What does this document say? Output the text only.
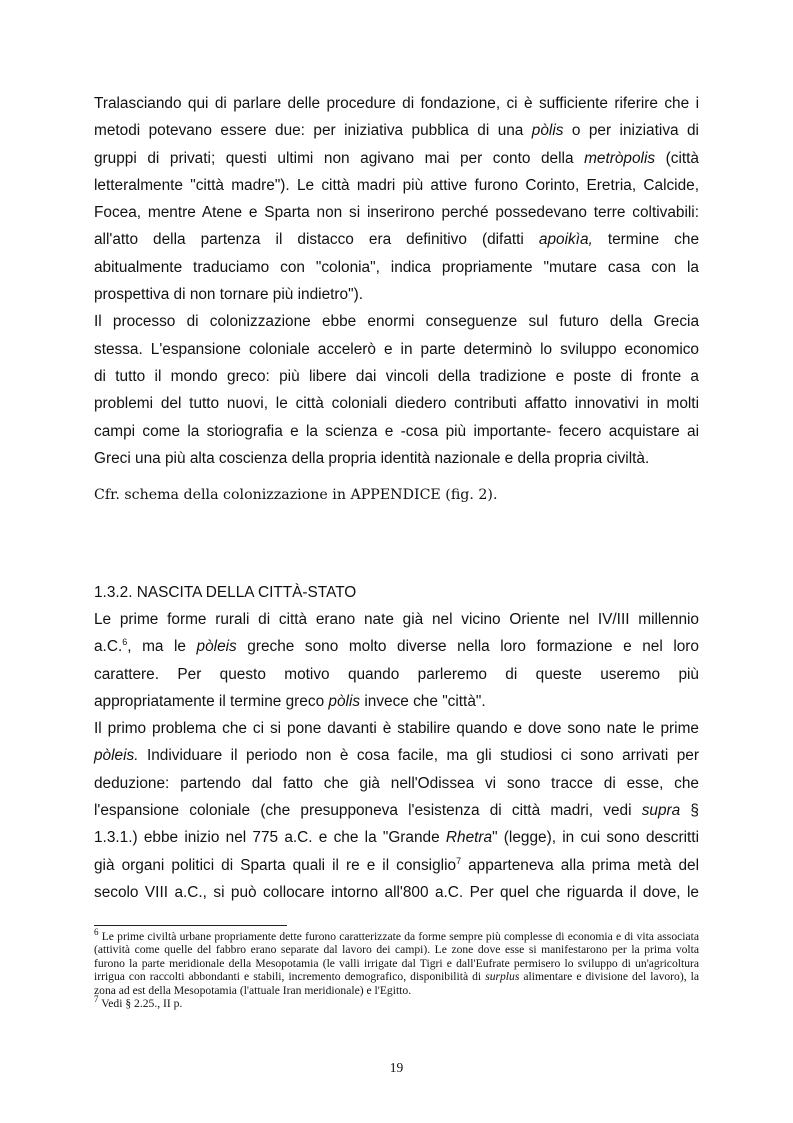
Tralasciando qui di parlare delle procedure di fondazione, ci è sufficiente riferire che i
metodi potevano essere due: per iniziativa pubblica di una pòlis o per iniziativa di
gruppi di privati; questi ultimi non agivano mai per conto della metròpolis (città
letteralmente "città madre"). Le città madri più attive furono Corinto, Eretria, Calcide,
Focea, mentre Atene e Sparta non si inserirono perché possedevano terre coltivabili:
all'atto della partenza il distacco era definitivo (difatti apoikìa, termine che
abitualmente traduciamo con "colonia", indica propriamente "mutare casa con la
prospettiva di non tornare più indietro").

Il processo di colonizzazione ebbe enormi conseguenze sul futuro della Grecia
stessa. L'espansione coloniale accelerò e in parte determinò lo sviluppo economico
di tutto il mondo greco: più libere dai vincoli della tradizione e poste di fronte a
problemi del tutto nuovi, le città coloniali diedero contributi affatto innovativi in molti
campi come la storiografia e la scienza e -cosa più importante- fecero acquistare ai
Greci una più alta coscienza della propria identità nazionale e della propria civiltà.

Cfr. schema della colonizzazione in APPENDICE (fig. 2).
1.3.2. NASCITA DELLA CITTÀ-STATO

Le prime forme rurali di città erano nate già nel vicino Oriente nel IV/III millennio
a.C.$^6$, ma le pòleis greche sono molto diverse nella loro formazione e nel loro
carattere. Per questo motivo quando parleremo di queste useremo più
appropriatamente il termine greco pòlis invece che "città".

Il primo problema che ci si pone davanti è stabilire quando e dove sono nate le prime
pòleis. Individuare il periodo non è cosa facile, ma gli studiosi ci sono arrivati per
deduzione: partendo dal fatto che già nell'Odissea vi sono tracce di esse, che
l'espansione coloniale (che presupponeva l'esistenza di città madri, vedi supra §
1.3.1.) ebbe inizio nel 775 a.C. e che la "Grande Rhetra" (legge), in cui sono descritti
già organi politici di Sparta quali il re e il consiglio$^7$ apparteneva alla prima metà del
secolo VIII a.C., si può collocare intorno all'800 a.C. Per quel che riguarda il dove, le

$^6$ Le prime civiltà urbane propriamente dette furono caratterizzate da forme sempre più complesse di economia e di vita associata (attività come quelle del fabbro erano separate dal lavoro dei campi). Le zone dove esse si manifestarono per la prima volta furono la parte meridionale della Mesopotamia (le valli irrigate dal Tigri e dall'Eufrate permisero lo sviluppo di un'agricoltura irrigua con raccolti abbondanti e stabili, incremento demografico, disponibilità di surplus alimentare e divisione del lavoro), la zona ad est della Mesopotamia (l'attuale Iran meridionale) e l'Egitto.

$^7$ Vedi § 2.25., II p.

19
